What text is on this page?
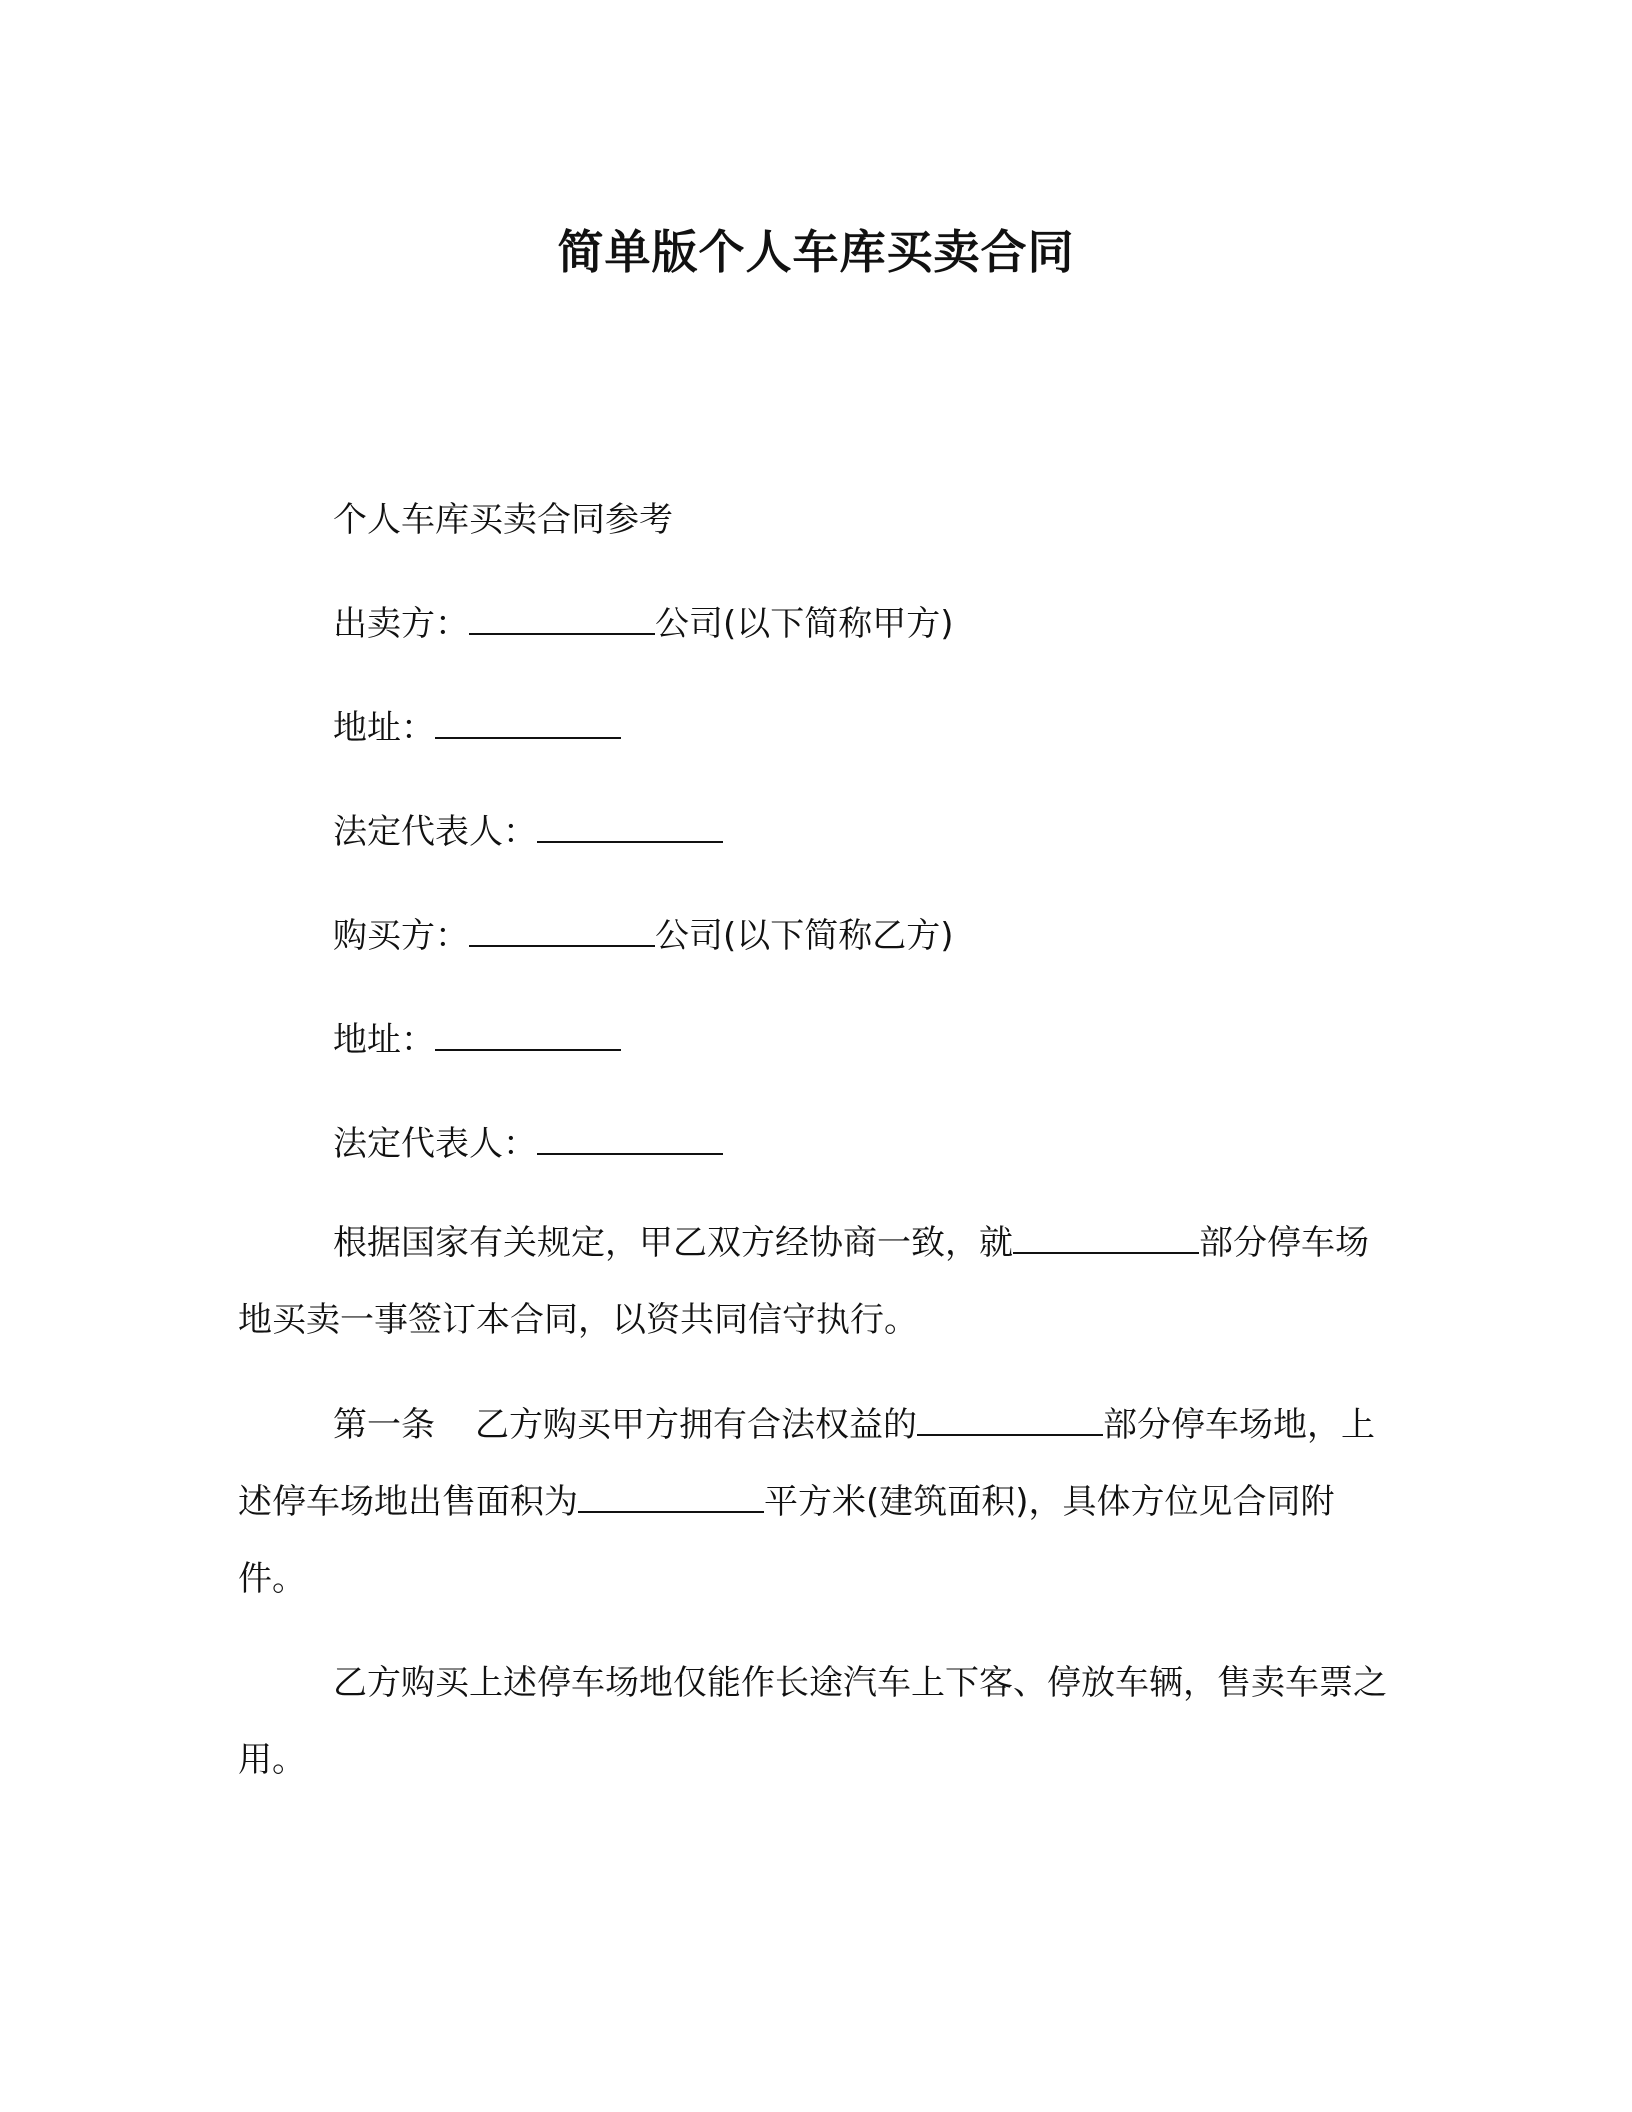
简单版个人车库买卖合同
个人车库买卖合同参考
出卖方：	公司(以下简称甲方)
地址：
法定代表人：
购买方：	公司(以下简称乙方)
地址：
法定代表人：
根据国家有关规定，甲乙双方经协商一致，就	部分停车场地买卖一事签订本合同，以资共同信守执行。
第一条 乙方购买甲方拥有合法权益的	部分停车场地，上述停车场地出售面积为	平方米(建筑面积)，具体方位见合同附件。
乙方购买上述停车场地仅能作长途汽车上下客、停放车辆，售卖车票之用。
